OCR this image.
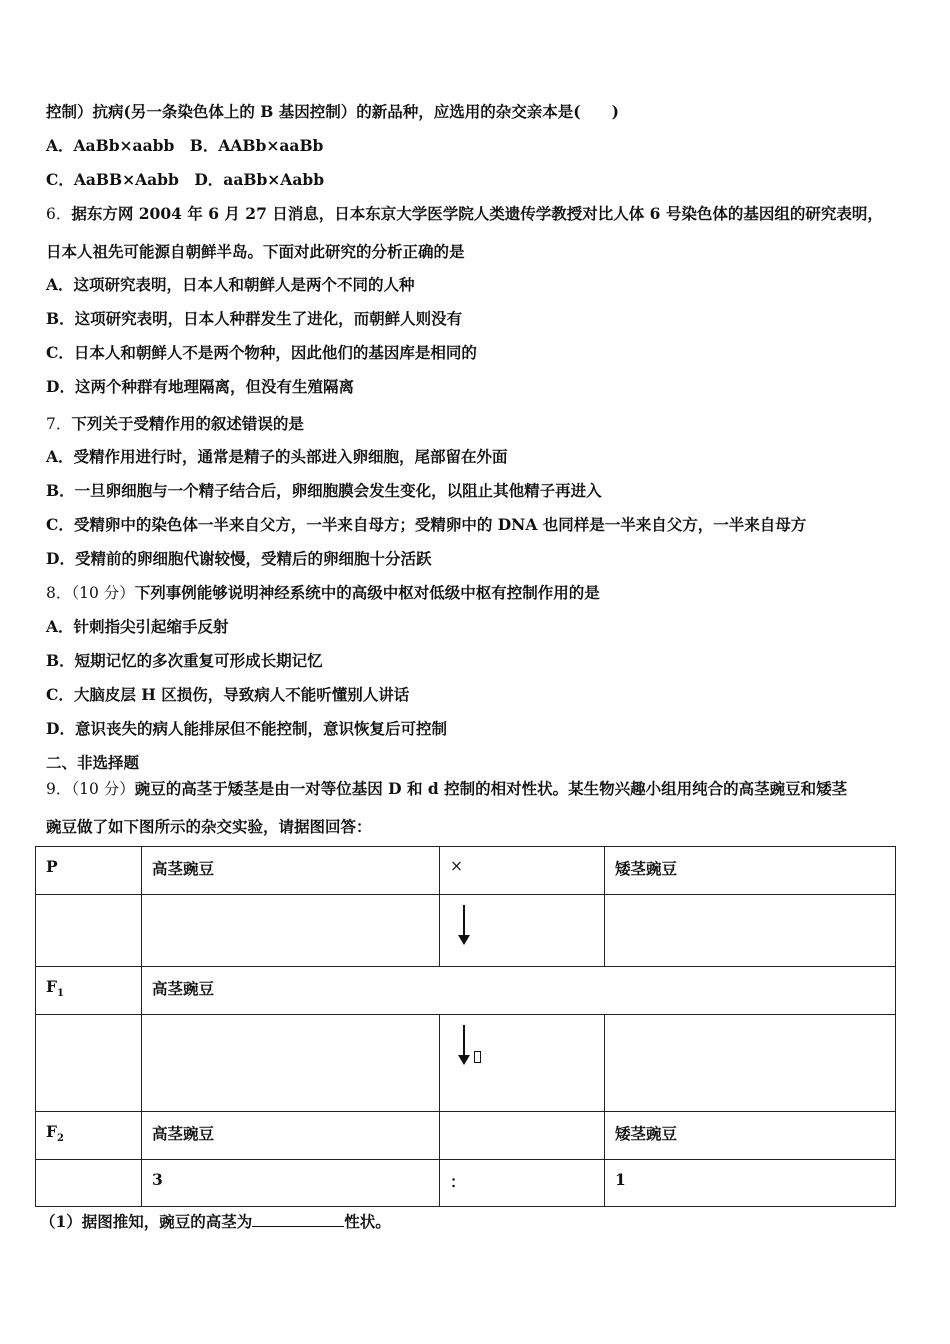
控制）抗病(另一条染色体上的 B 基因控制）的新品种，应选用的杂交亲本是(　　)
A．AaBb×aabb　B．AABb×aaBb
C．AaBB×Aabb　D．aaBb×Aabb
6．据东方网 2004 年 6 月 27 日消息，日本东京大学医学院人类遗传学教授对比人体 6 号染色体的基因组的研究表明，
日本人祖先可能源自朝鲜半岛。下面对此研究的分析正确的是
A．这项研究表明，日本人和朝鲜人是两个不同的人种
B．这项研究表明，日本人种群发生了进化，而朝鲜人则没有
C．日本人和朝鲜人不是两个物种，因此他们的基因库是相同的
D．这两个种群有地理隔离，但没有生殖隔离
7．下列关于受精作用的叙述错误的是
A．受精作用进行时，通常是精子的头部进入卵细胞，尾部留在外面
B．一旦卵细胞与一个精子结合后，卵细胞膜会发生变化，以阻止其他精子再进入
C．受精卵中的染色体一半来自父方，一半来自母方；受精卵中的 DNA 也同样是一半来自父方，一半来自母方
D．受精前的卵细胞代谢较慢，受精后的卵细胞十分活跃
8．（10 分）下列事例能够说明神经系统中的高级中枢对低级中枢有控制作用的是
A．针刺指尖引起缩手反射
B．短期记忆的多次重复可形成长期记忆
C．大脑皮层 H 区损伤，导致病人不能听懂别人讲话
D．意识丧失的病人能排尿但不能控制，意识恢复后可控制
二、非选择题
9．（10 分）豌豆的高茎于矮茎是由一对等位基因 D 和 d 控制的相对性状。某生物兴趣小组用纯合的高茎豌豆和矮茎
豌豆做了如下图所示的杂交实验，请据图回答：
P	高茎豌豆	×	矮茎豌豆

$F_1$	高茎豌豆		

$F_2$	高茎豌豆		矮茎豌豆
	3	：	1
（1）据图推知，豌豆的高茎为	性状。
